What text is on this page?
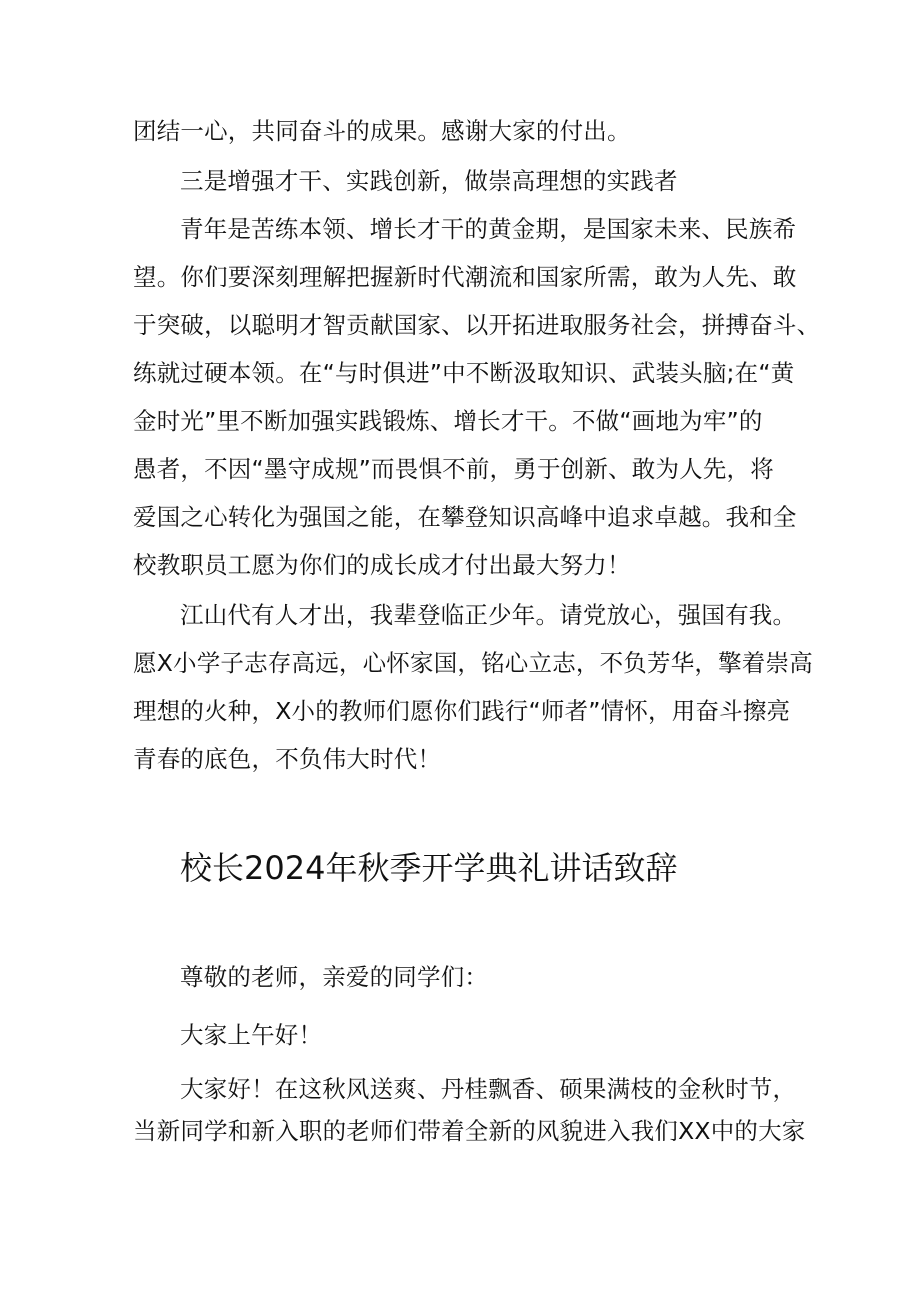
团结一心，共同奋斗的成果。感谢大家的付出。
三是增强才干、实践创新，做崇高理想的实践者
青年是苦练本领、增长才干的黄金期，是国家未来、民族希
望。你们要深刻理解把握新时代潮流和国家所需，敢为人先、敢
于突破，以聪明才智贡献国家、以开拓进取服务社会，拼搏奋斗、
练就过硬本领。在“与时俱进”中不断汲取知识、武装头脑;在“黄
金时光”里不断加强实践锻炼、增长才干。不做“画地为牢”的
愚者，不因“墨守成规”而畏惧不前，勇于创新、敢为人先，将
爱国之心转化为强国之能，在攀登知识高峰中追求卓越。我和全
校教职员工愿为你们的成长成才付出最大努力！
江山代有人才出，我辈登临正少年。请党放心，强国有我。
愿X小学子志存高远，心怀家国，铭心立志，不负芳华，擎着崇高
理想的火种，X小的教师们愿你们践行“师者”情怀，用奋斗擦亮
青春的底色，不负伟大时代！
校长2024年秋季开学典礼讲话致辞
尊敬的老师，亲爱的同学们：
大家上午好！
大家好！在这秋风送爽、丹桂飘香、硕果满枝的金秋时节，
当新同学和新入职的老师们带着全新的风貌进入我们XX中的大家
